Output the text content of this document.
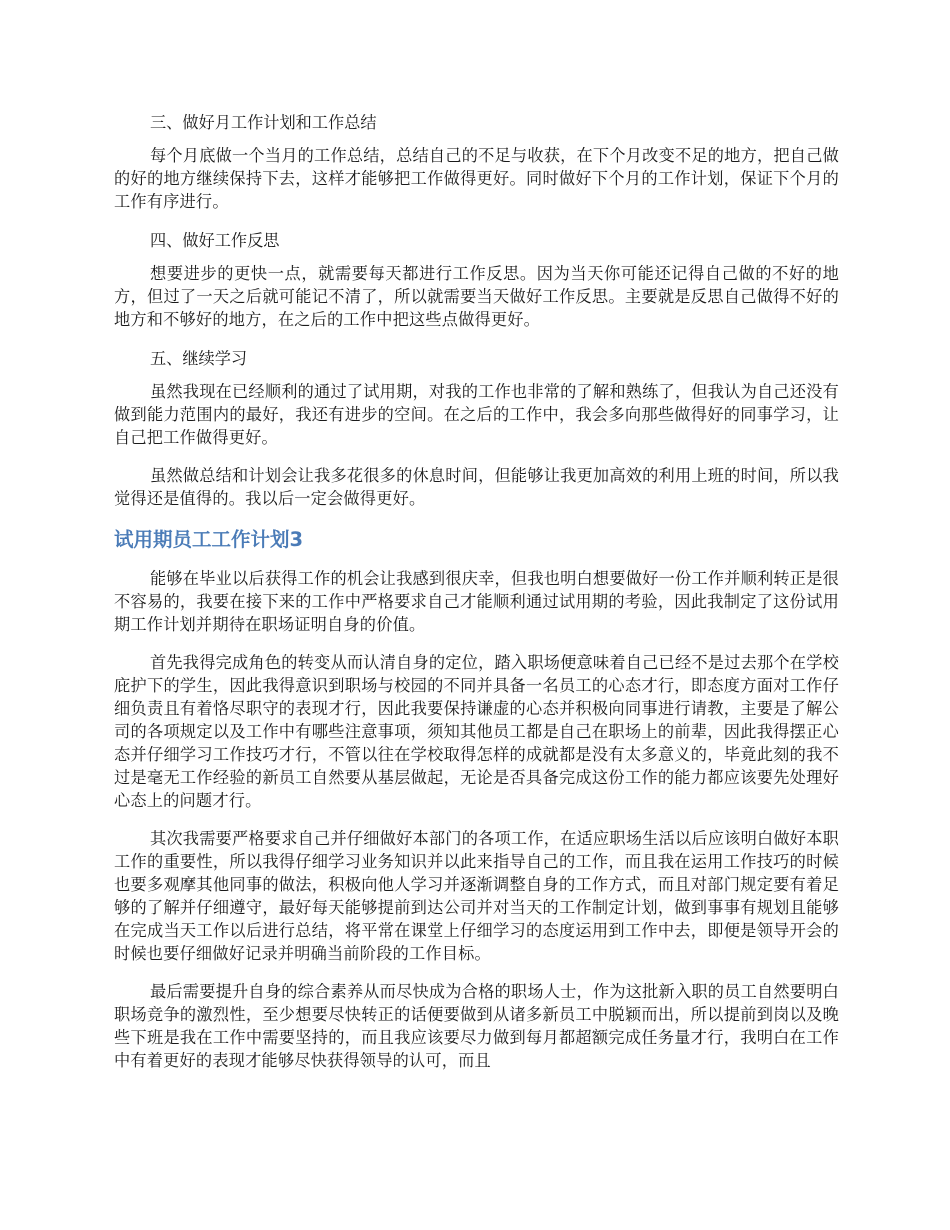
三、做好月工作计划和工作总结

每个月底做一个当月的工作总结，总结自己的不足与收获，在下个月改变不足的地方，把自己做的好的地方继续保持下去，这样才能够把工作做得更好。同时做好下个月的工作计划，保证下个月的工作有序进行。

四、做好工作反思

想要进步的更快一点，就需要每天都进行工作反思。因为当天你可能还记得自己做的不好的地方，但过了一天之后就可能记不清了，所以就需要当天做好工作反思。主要就是反思自己做得不好的地方和不够好的地方，在之后的工作中把这些点做得更好。

五、继续学习

虽然我现在已经顺利的通过了试用期，对我的工作也非常的了解和熟练了，但我认为自己还没有做到能力范围内的最好，我还有进步的空间。在之后的工作中，我会多向那些做得好的同事学习，让自己把工作做得更好。

虽然做总结和计划会让我多花很多的休息时间，但能够让我更加高效的利用上班的时间，所以我觉得还是值得的。我以后一定会做得更好。

试用期员工工作计划3

能够在毕业以后获得工作的机会让我感到很庆幸，但我也明白想要做好一份工作并顺利转正是很不容易的，我要在接下来的工作中严格要求自己才能顺利通过试用期的考验，因此我制定了这份试用期工作计划并期待在职场证明自身的价值。

首先我得完成角色的转变从而认清自身的定位，踏入职场便意味着自己已经不是过去那个在学校庇护下的学生，因此我得意识到职场与校园的不同并具备一名员工的心态才行，即态度方面对工作仔细负责且有着恪尽职守的表现才行，因此我要保持谦虚的心态并积极向同事进行请教，主要是了解公司的各项规定以及工作中有哪些注意事项，须知其他员工都是自己在职场上的前辈，因此我得摆正心态并仔细学习工作技巧才行，不管以往在学校取得怎样的成就都是没有太多意义的，毕竟此刻的我不过是毫无工作经验的新员工自然要从基层做起，无论是否具备完成这份工作的能力都应该要先处理好心态上的问题才行。

其次我需要严格要求自己并仔细做好本部门的各项工作，在适应职场生活以后应该明白做好本职工作的重要性，所以我得仔细学习业务知识并以此来指导自己的工作，而且我在运用工作技巧的时候也要多观摩其他同事的做法，积极向他人学习并逐渐调整自身的工作方式，而且对部门规定要有着足够的了解并仔细遵守，最好每天能够提前到达公司并对当天的工作制定计划，做到事事有规划且能够在完成当天工作以后进行总结，将平常在课堂上仔细学习的态度运用到工作中去，即便是领导开会的时候也要仔细做好记录并明确当前阶段的工作目标。

最后需要提升自身的综合素养从而尽快成为合格的职场人士，作为这批新入职的员工自然要明白职场竞争的激烈性，至少想要尽快转正的话便要做到从诸多新员工中脱颖而出，所以提前到岗以及晚些下班是我在工作中需要坚持的，而且我应该要尽力做到每月都超额完成任务量才行，我明白在工作中有着更好的表现才能够尽快获得领导的认可，而且
